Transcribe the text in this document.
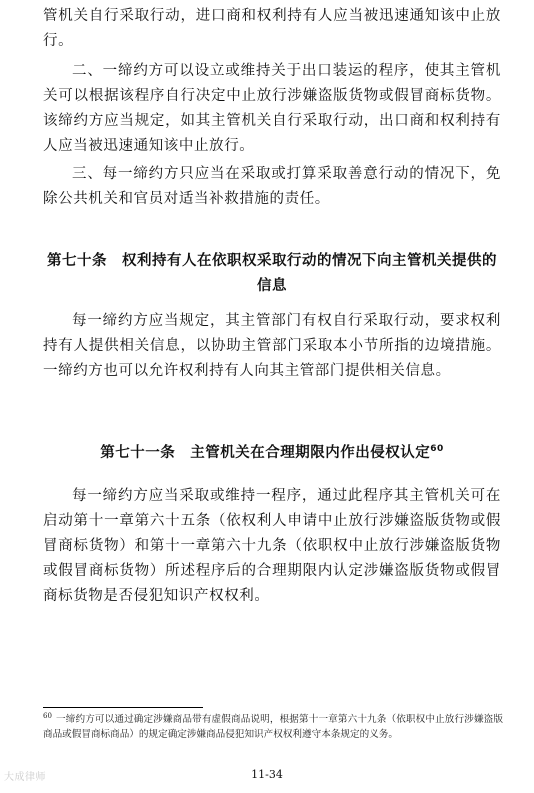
管机关自行采取行动，进口商和权利持有人应当被迅速通知该中止放行。

二、一缔约方可以设立或维持关于出口装运的程序，使其主管机关可以根据该程序自行决定中止放行涉嫌盗版货物或假冒商标货物。该缔约方应当规定，如其主管机关自行采取行动，出口商和权利持有人应当被迅速通知该中止放行。

三、每一缔约方只应当在采取或打算采取善意行动的情况下，免除公共机关和官员对适当补救措施的责任。

第七十条　权利持有人在依职权采取行动的情况下向主管机关提供的信息

每一缔约方应当规定，其主管部门有权自行采取行动，要求权利持有人提供相关信息，以协助主管部门采取本小节所指的边境措施。一缔约方也可以允许权利持有人向其主管部门提供相关信息。

第七十一条　主管机关在合理期限内作出侵权认定$^{60}$

每一缔约方应当采取或维持一程序，通过此程序其主管机关可在启动第十一章第六十五条（依权利人申请中止放行涉嫌盗版货物或假冒商标货物）和第十一章第六十九条（依职权中止放行涉嫌盗版货物或假冒商标货物）所述程序后的合理期限内认定涉嫌盗版货物或假冒商标货物是否侵犯知识产权权利。

$^{60}$ 一缔约方可以通过确定涉嫌商品带有虚假商品说明，根据第十一章第六十九条（依职权中止放行涉嫌盗版商品或假冒商标商品）的规定确定涉嫌商品侵犯知识产权权利遵守本条规定的义务。

大成律师	11-34
